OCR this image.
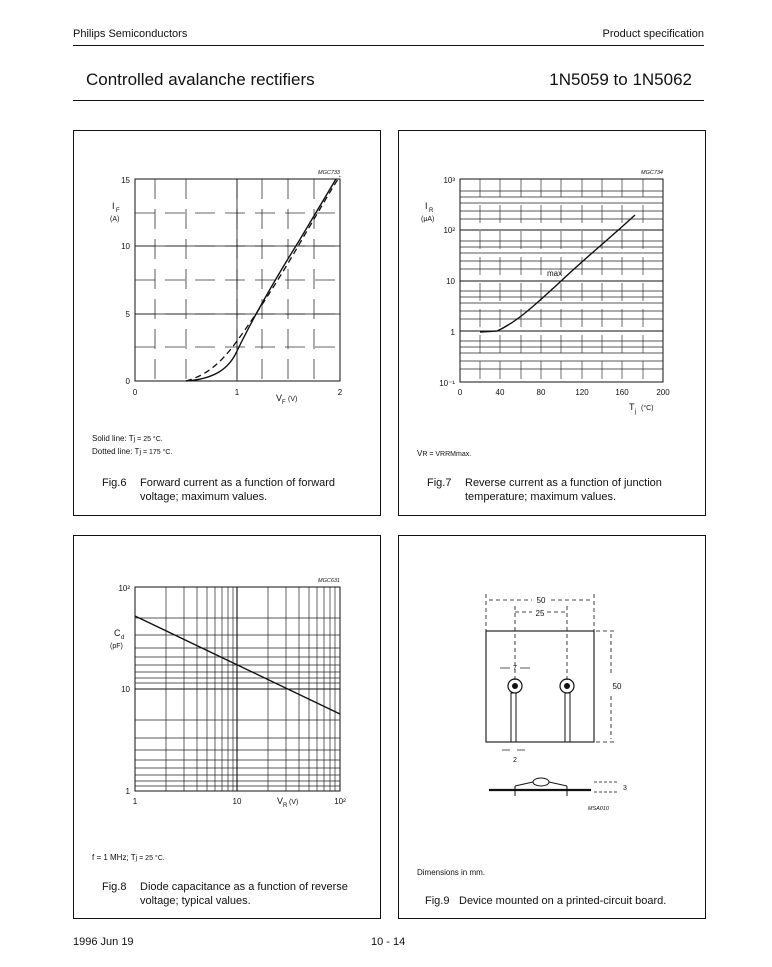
Philips Semiconductors	Product specification
Controlled avalanche rectifiers	1N5059 to 1N5062
15
10
5
0
0	1	2
MGC733
I F
(A)
V F (V)
Solid line: Tj = 25 °C.
Dotted line: Tj = 175 °C.
Fig.6 Forward current as a function of forward voltage; maximum values.
max
10³
10²
10
1
10⁻¹
0	40	80	120	160	200
MGC734
I R
(μA)
T j (°C)
VR = VRRMmax.
Fig.7 Reverse current as a function of junction temperature; maximum values.
10²
10
1
1	10	10²
MGC631
C d
(pF)
V R (V)
f = 1 MHz; Tj = 25 °C.
Fig.8 Diode capacitance as a function of reverse voltage; typical values.
50
25
50
7
2
3
MSA010
Dimensions in mm.
Fig.9 Device mounted on a printed-circuit board.
1996 Jun 19	10 - 14
